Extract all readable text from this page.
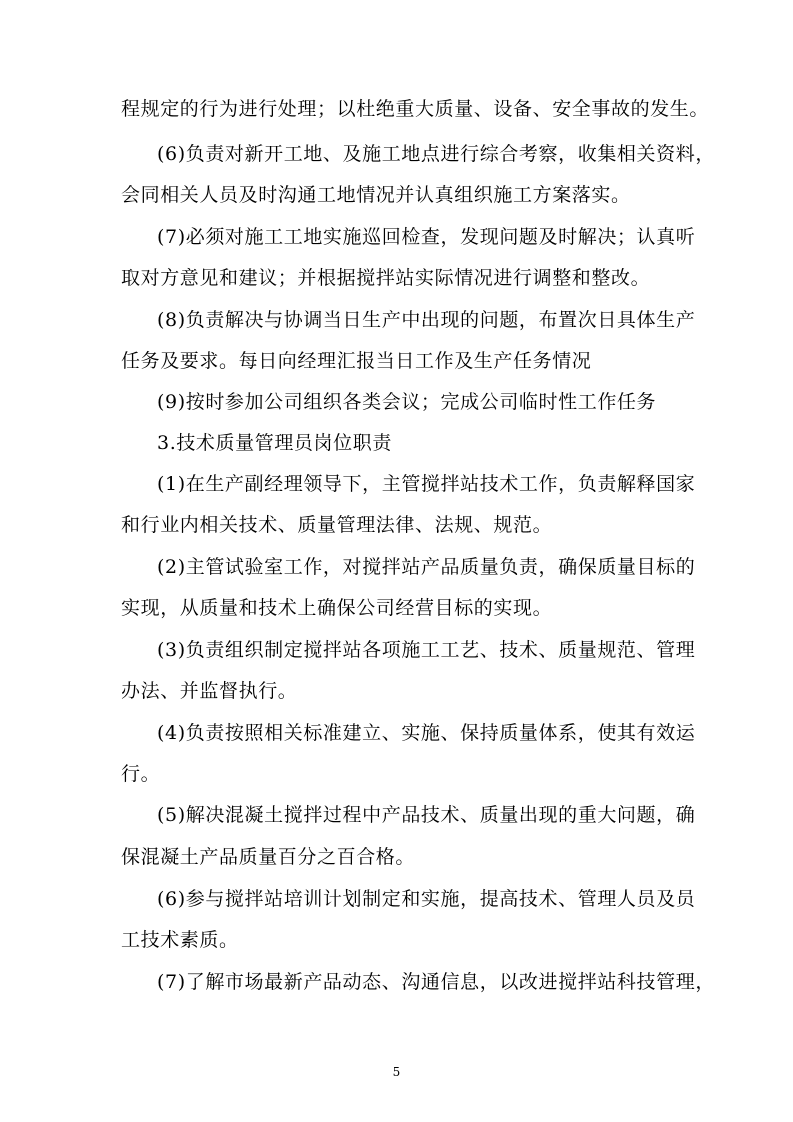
程规定的行为进行处理；以杜绝重大质量、设备、安全事故的发生。
(6)负责对新开工地、及施工地点进行综合考察，收集相关资料，
会同相关人员及时沟通工地情况并认真组织施工方案落实。
(7)必须对施工工地实施巡回检查，发现问题及时解决；认真听
取对方意见和建议；并根据搅拌站实际情况进行调整和整改。
(8)负责解决与协调当日生产中出现的问题，布置次日具体生产
任务及要求。每日向经理汇报当日工作及生产任务情况
(9)按时参加公司组织各类会议；完成公司临时性工作任务
3.技术质量管理员岗位职责
(1)在生产副经理领导下，主管搅拌站技术工作，负责解释国家
和行业内相关技术、质量管理法律、法规、规范。
(2)主管试验室工作，对搅拌站产品质量负责，确保质量目标的
实现，从质量和技术上确保公司经营目标的实现。
(3)负责组织制定搅拌站各项施工工艺、技术、质量规范、管理
办法、并监督执行。
(4)负责按照相关标准建立、实施、保持质量体系，使其有效运
行。
(5)解决混凝土搅拌过程中产品技术、质量出现的重大问题，确
保混凝土产品质量百分之百合格。
(6)参与搅拌站培训计划制定和实施，提高技术、管理人员及员
工技术素质。
(7)了解市场最新产品动态、沟通信息，以改进搅拌站科技管理，
5
